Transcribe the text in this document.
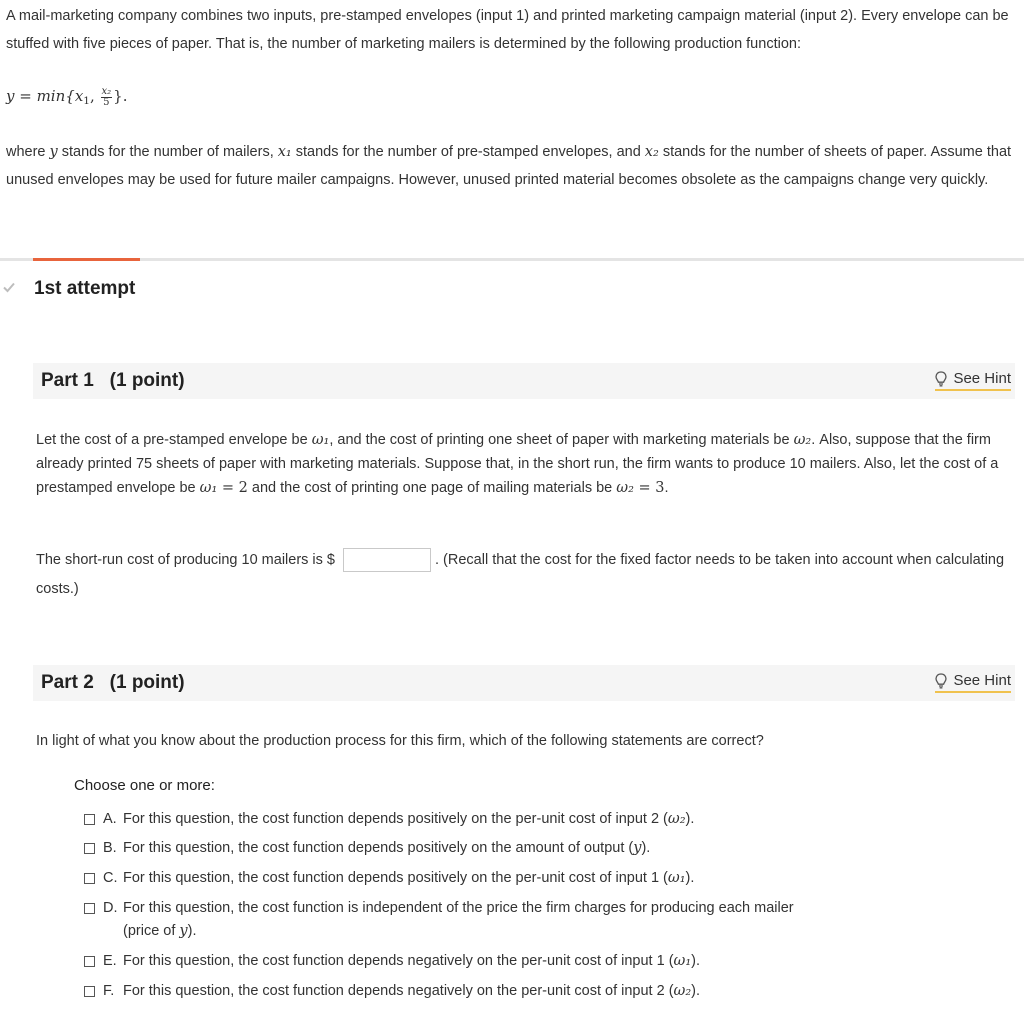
A mail-marketing company combines two inputs, pre-stamped envelopes (input 1) and printed marketing campaign material (input 2). Every envelope can be stuffed with five pieces of paper. That is, the number of marketing mailers is determined by the following production function:

$y = \min\{x_1$, $\frac{\text{x₂}}{5}$ }.
where y stands for the number of mailers, x₁ stands for the number of pre-stamped envelopes, and x₂ stands for the number of sheets of paper. Assume that unused envelopes may be used for future mailer campaigns. However, unused printed material becomes obsolete as the campaigns change very quickly.
1st attempt
Part 1   (1 point)	See Hint

Let the cost of a pre-stamped envelope be ω₁, and the cost of printing one sheet of paper with marketing materials be ω₂. Also, suppose that the firm already printed 75 sheets of paper with marketing materials. Suppose that, in the short run, the firm wants to produce 10 mailers. Also, let the cost of a prestamped envelope be ω₁ = 2 and the cost of printing one page of mailing materials be ω₂ = 3.

The short-run cost of producing 10 mailers is $	. (Recall that the cost for the fixed factor needs to be taken into account when calculating costs.)
Part 2   (1 point)	See Hint
In light of what you know about the production process for this firm, which of the following statements are correct?
Choose one or more:
A. For this question, the cost function depends positively on the per-unit cost of input 2 (ω₂).
B. For this question, the cost function depends positively on the amount of output (y).
C. For this question, the cost function depends positively on the per-unit cost of input 1 (ω₁).
D. For this question, the cost function is independent of the price the firm charges for producing each mailer
(price of y).
E. For this question, the cost function depends negatively on the per-unit cost of input 1 (ω₁).
F. For this question, the cost function depends negatively on the per-unit cost of input 2 (ω₂).
